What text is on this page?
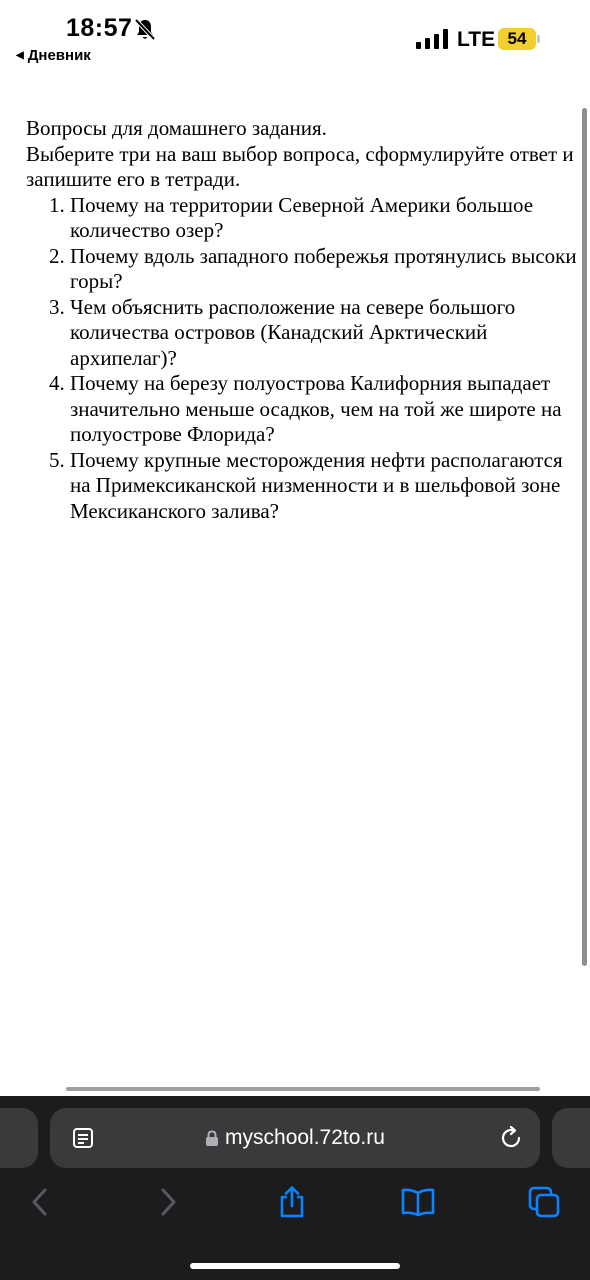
18:57
◀ Дневник
LTE 54

Вопросы для домашнего задания.

Выберите три на ваш выбор вопроса, сформулируйте ответ и запишите его в тетради.

1. Почему на территории Северной Америки большое количество озер?
2. Почему вдоль западного побережья протянулись высоки горы?
3. Чем объяснить расположение на севере большого количества островов (Канадский Арктический архипелаг)?
4. Почему на березу полуострова Калифорния выпадает значительно меньше осадков, чем на той же широте на полуострове Флорида?
5. Почему крупные месторождения нефти располагаются на Примексиканской низменности и в шельфовой зоне Мексиканского залива?
myschool.72to.ru
